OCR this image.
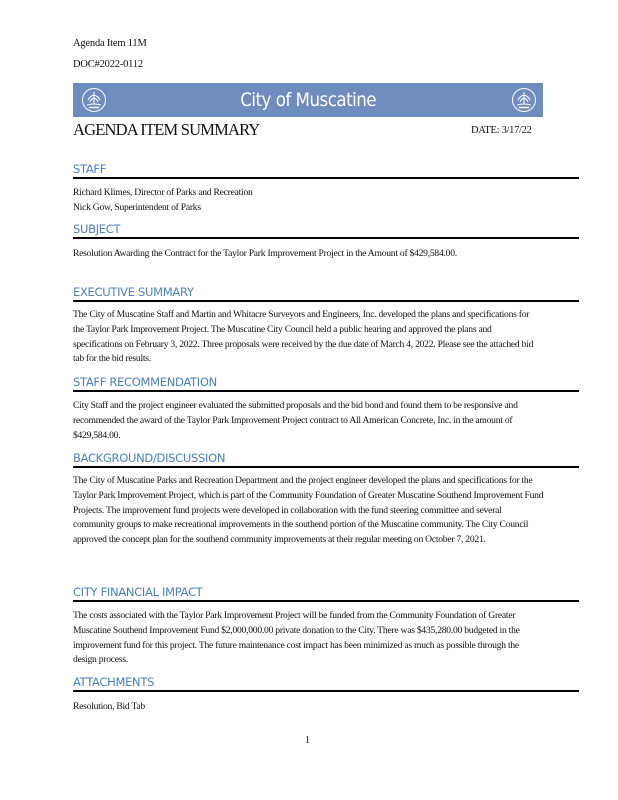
Agenda Item 11M
DOC#2022-0112
City of Muscatine
AGENDA ITEM SUMMARY	DATE: 3/17/22
STAFF
Richard Klimes, Director of Parks and Recreation
Nick Gow, Superintendent of Parks
SUBJECT
Resolution Awarding the Contract for the Taylor Park Improvement Project in the Amount of $429,584.00.
EXECUTIVE SUMMARY
The City of Muscatine Staff and Martin and Whitacre Surveyors and Engineers, Inc. developed the plans and specifications for the Taylor Park Improvement Project. The Muscatine City Council held a public hearing and approved the plans and specifications on February 3, 2022. Three proposals were received by the due date of March 4, 2022. Please see the attached bid tab for the bid results.
STAFF RECOMMENDATION
City Staff and the project engineer evaluated the submitted proposals and the bid bond and found them to be responsive and recommended the award of the Taylor Park Improvement Project contract to All American Concrete, Inc. in the amount of $429,584.00.
BACKGROUND/DISCUSSION
The City of Muscatine Parks and Recreation Department and the project engineer developed the plans and specifications for the Taylor Park Improvement Project, which is part of the Community Foundation of Greater Muscatine Southend Improvement Fund Projects. The improvement fund projects were developed in collaboration with the fund steering committee and several community groups to make recreational improvements in the southend portion of the Muscatine community. The City Council approved the concept plan for the southend community improvements at their regular meeting on October 7, 2021.
CITY FINANCIAL IMPACT
The costs associated with the Taylor Park Improvement Project will be funded from the Community Foundation of Greater Muscatine Southend Improvement Fund $2,000,000.00 private donation to the City. There was $435,280.00 budgeted in the improvement fund for this project. The future maintenance cost impact has been minimized as much as possible through the design process.
ATTACHMENTS
Resolution, Bid Tab
1
